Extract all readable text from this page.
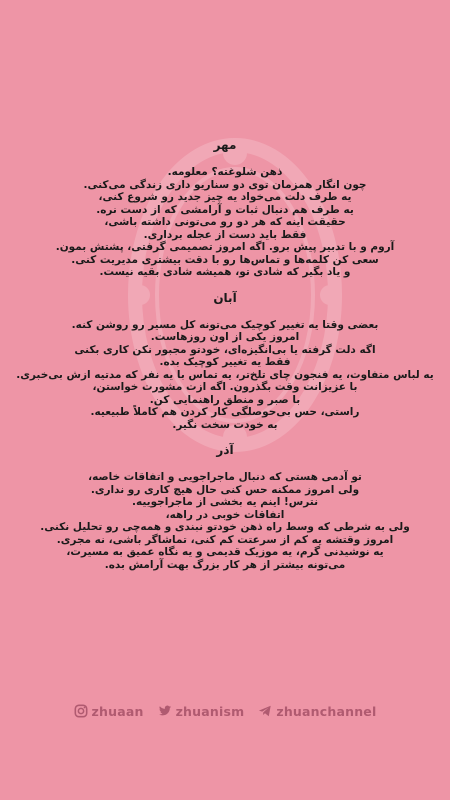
مهر
ذهن شلوغته؟ معلومه.
چون انگار همزمان توی دو سناریو داری زندگی می‌کنی.
یه طرف دلت می‌خواد یه چیز جدید رو شروع کنی،
یه طرف هم دنبال ثبات و آرامشی که از دست نره.
حقیقت اینه که هر دو رو می‌تونی داشته باشی،
فقط باید دست از عجله برداری.
آروم و با تدبیر پیش برو. اگه امروز تصمیمی گرفتی، پشتش بمون.
سعی کن کلمه‌ها و تماس‌ها رو با دقت بیشتری مدیریت کنی.
و یاد بگیر که شادی تو، همیشه شادی بقیه نیست.
آبان
بعضی وقتا یه تغییر کوچیک می‌تونه کل مسیر رو روشن کنه.
امروز یکی از اون روزهاست.
اگه دلت گرفته یا بی‌انگیزه‌ای، خودتو مجبور نکن کاری بکنی
فقط یه تغییر کوچیک بده.
یه لباس متفاوت، یه فنجون چای تلخ‌تر، یه تماس با یه نفر که مدتیه ازش بی‌خبری.
با عزیزانت وقت بگذرون. اگه ازت مشورت خواستن،
با صبر و منطق راهنمایی کن.
راستی، حس بی‌حوصلگی کار کردن هم کاملاً طبیعیه.
به خودت سخت نگیر.
آذر
تو آدمی هستی که دنبال ماجراجویی و اتفاقات خاصه،
ولی امروز ممکنه حس کنی حال هیچ کاری رو نداری.
نترس! اینم یه بخشی از ماجراجوییه.
اتفاقات خوبی در راهه،
ولی به شرطی که وسط راه ذهن خودتو نبندی و همه‌چی رو تحلیل نکنی.
امروز وقتشه یه کم از سرعتت کم کنی، تماشاگر باشی، نه مجری.
یه نوشیدنی گرم، یه موزیک قدیمی و یه نگاه عمیق به مسیرت،
می‌تونه بیشتر از هر کار بزرگ بهت آرامش بده.
zhuaan	zhuanism	zhuanchannel
